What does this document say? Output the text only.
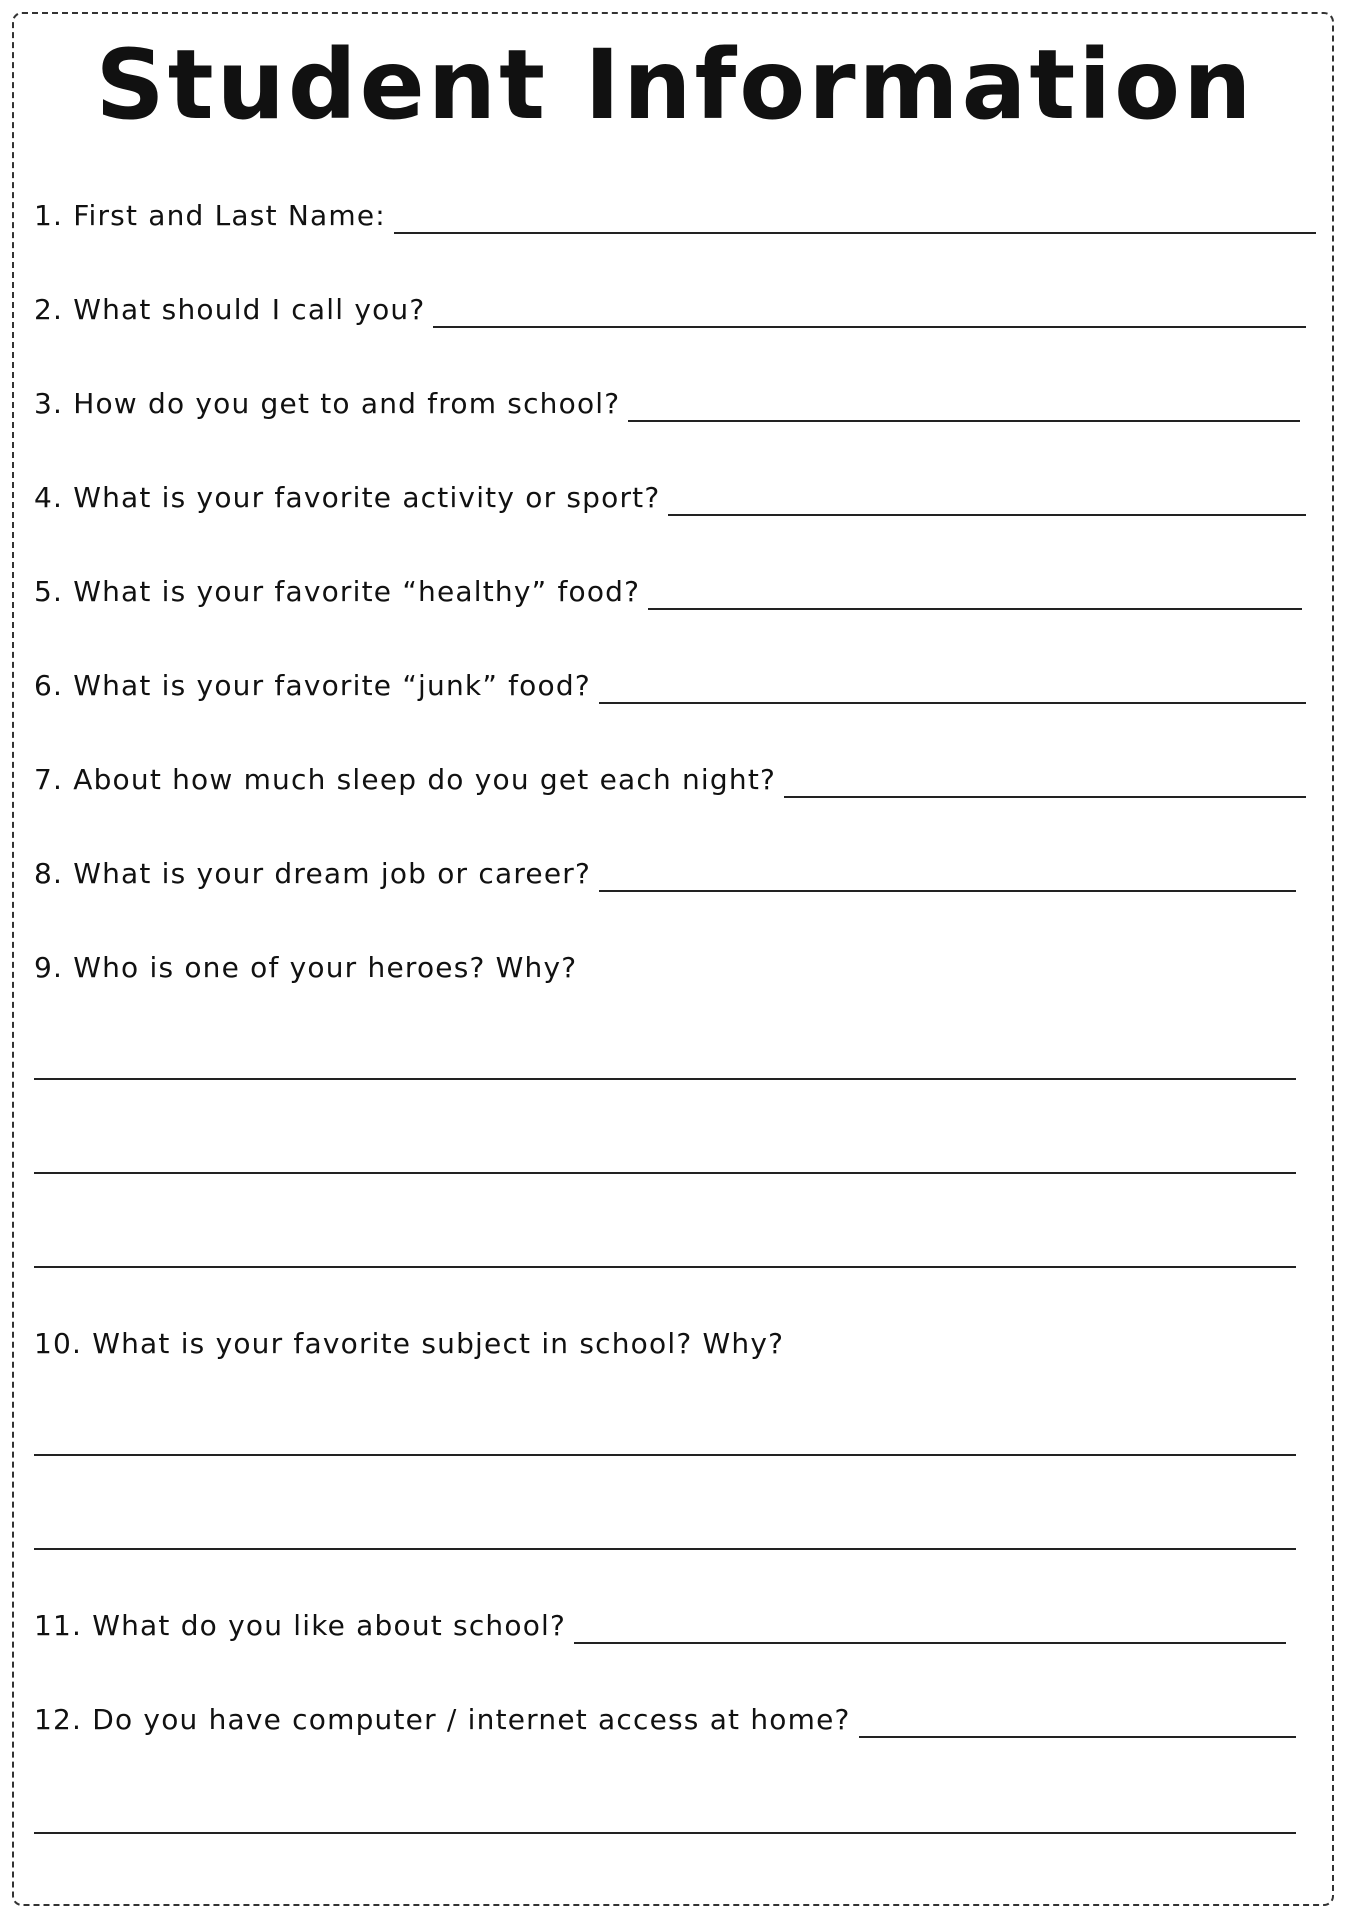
Student Information
1. First and Last Name:
2. What should I call you?
3. How do you get to and from school?
4. What is your favorite activity or sport?
5. What is your favorite “healthy” food?
6. What is your favorite “junk” food?
7. About how much sleep do you get each night?
8. What is your dream job or career?
9. Who is one of your heroes? Why?
10. What is your favorite subject in school? Why?
11. What do you like about school?
12. Do you have computer / internet access at home?
